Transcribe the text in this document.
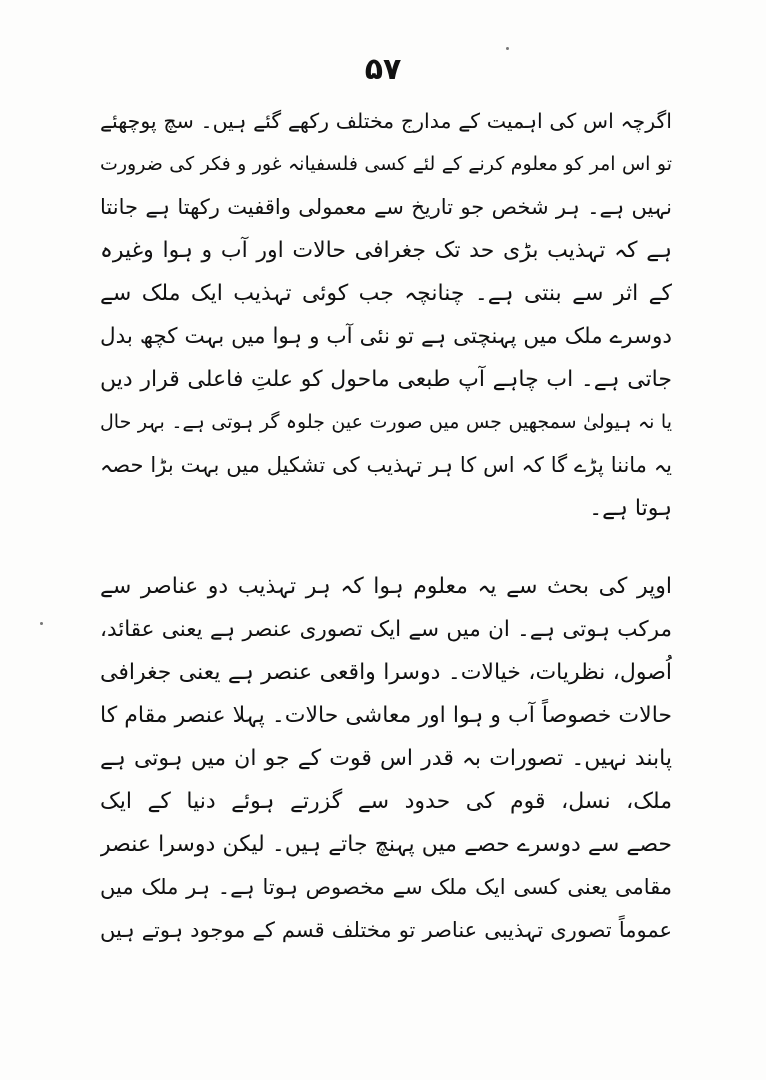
۵۷
اگرچہ اس کی اہمیت کے مدارج مختلف رکھے گئے ہیں۔ سچ پوچھئے
تو اس امر کو معلوم کرنے کے لئے کسی فلسفیانہ غور و فکر کی ضرورت
نہیں ہے۔ ہر شخص جو تاریخ سے معمولی واقفیت رکھتا ہے جانتا
ہے کہ تہذیب بڑی حد تک جغرافی حالات اور آب و ہوا وغیرہ
کے اثر سے بنتی ہے۔ چنانچہ جب کوئی تہذیب ایک ملک سے
دوسرے ملک میں پہنچتی ہے تو نئی آب و ہوا میں بہت کچھ بدل
جاتی ہے۔ اب چاہے آپ طبعی ماحول کو علتِ فاعلی قرار دیں
یا نہ ہیولیٰ سمجھیں جس میں صورت عین جلوہ گر ہوتی ہے۔ بہر حال
یہ ماننا پڑے گا کہ اس کا ہر تہذیب کی تشکیل میں بہت بڑا حصہ
ہوتا ہے۔
اوپر کی بحث سے یہ معلوم ہوا کہ ہر تہذیب دو عناصر سے
مرکب ہوتی ہے۔ ان میں سے ایک تصوری عنصر ہے یعنی عقائد،
اُصول، نظریات، خیالات۔ دوسرا واقعی عنصر ہے یعنی جغرافی
حالات خصوصاً آب و ہوا اور معاشی حالات۔ پہلا عنصر مقام کا
پابند نہیں۔ تصورات بہ قدر اس قوت کے جو ان میں ہوتی ہے
ملک، نسل، قوم کی حدود سے گزرتے ہوئے دنیا کے ایک
حصے سے دوسرے حصے میں پہنچ جاتے ہیں۔ لیکن دوسرا عنصر
مقامی یعنی کسی ایک ملک سے مخصوص ہوتا ہے۔ ہر ملک میں
عموماً تصوری تہذیبی عناصر تو مختلف قسم کے موجود ہوتے ہیں
